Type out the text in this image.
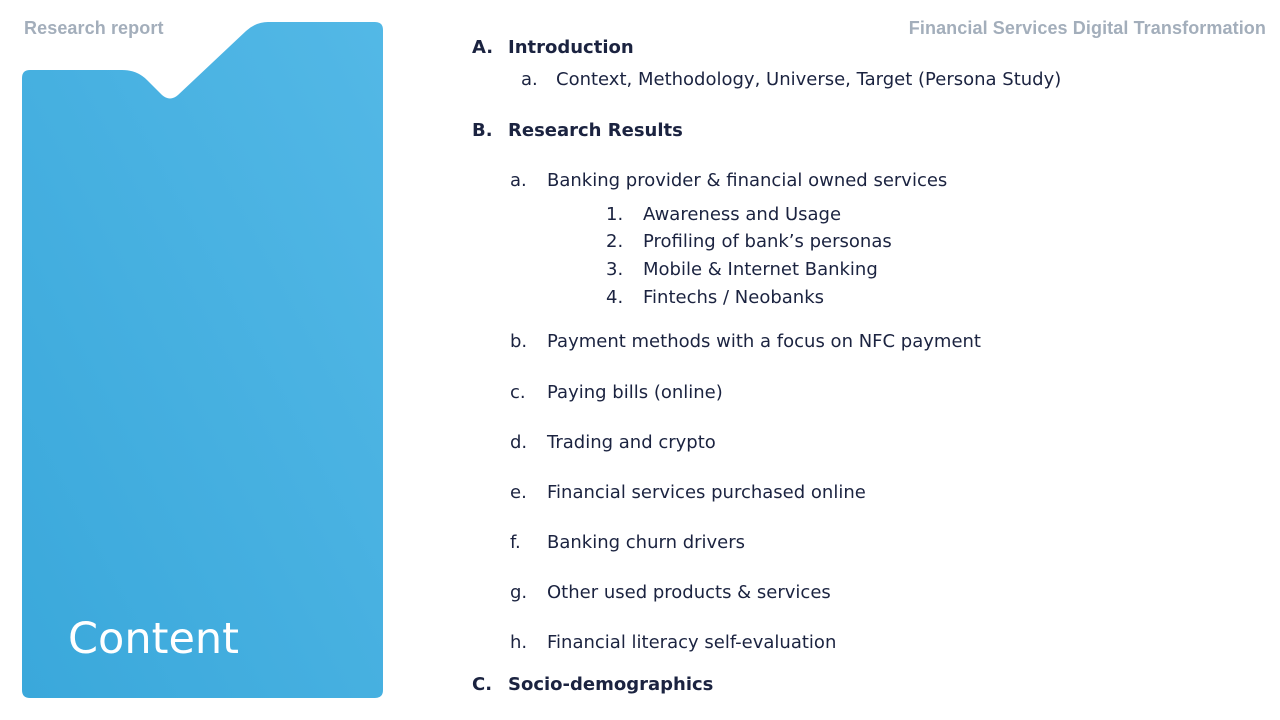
Research report	Financial Services Digital Transformation
Content
A. Introduction
a. Context, Methodology, Universe, Target (Persona Study)
B. Research Results
a. Banking provider & financial owned services
1. Awareness and Usage
2. Profiling of bank’s personas
3. Mobile & Internet Banking
4. Fintechs / Neobanks
b. Payment methods with a focus on NFC payment
c. Paying bills (online)
d. Trading and crypto
e. Financial services purchased online
f. Banking churn drivers
g. Other used products & services
h. Financial literacy self-evaluation
C. Socio-demographics
